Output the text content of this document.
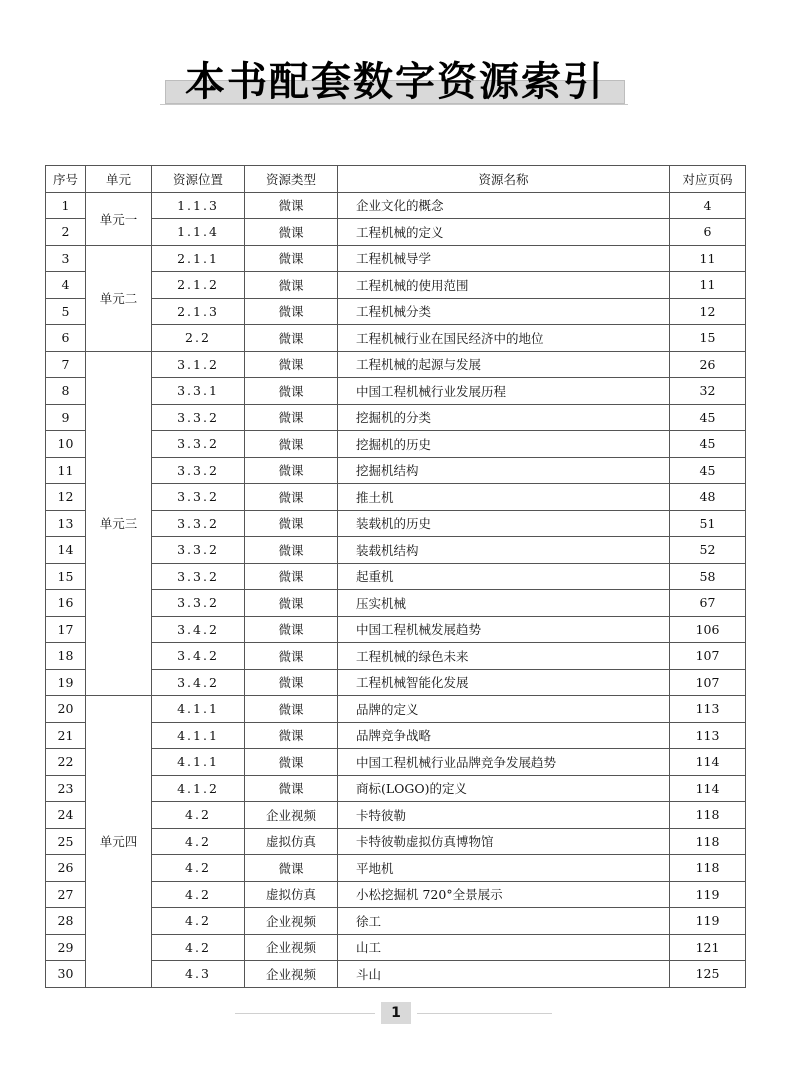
本书配套数字资源索引
序号	单元	资源位置	资源类型	资源名称	对应页码
1	单元一	1.1.3	微课	企业文化的概念	4
2		1.1.4	微课	工程机械的定义	6
3	单元二	2.1.1	微课	工程机械导学	11
4		2.1.2	微课	工程机械的使用范围	11
5		2.1.3	微课	工程机械分类	12
6		2.2	微课	工程机械行业在国民经济中的地位	15
7	单元三	3.1.2	微课	工程机械的起源与发展	26
8		3.3.1	微课	中国工程机械行业发展历程	32
9		3.3.2	微课	挖掘机的分类	45
10		3.3.2	微课	挖掘机的历史	45
11		3.3.2	微课	挖掘机结构	45
12		3.3.2	微课	推土机	48
13		3.3.2	微课	装载机的历史	51
14		3.3.2	微课	装载机结构	52
15		3.3.2	微课	起重机	58
16		3.3.2	微课	压实机械	67
17		3.4.2	微课	中国工程机械发展趋势	106
18		3.4.2	微课	工程机械的绿色未来	107
19		3.4.2	微课	工程机械智能化发展	107
20	单元四	4.1.1	微课	品牌的定义	113
21		4.1.1	微课	品牌竞争战略	113
22		4.1.1	微课	中国工程机械行业品牌竞争发展趋势	114
23		4.1.2	微课	商标(LOGO)的定义	114
24		4.2	企业视频	卡特彼勒	118
25		4.2	虚拟仿真	卡特彼勒虚拟仿真博物馆	118
26		4.2	微课	平地机	118
27		4.2	虚拟仿真	小松挖掘机 720°全景展示	119
28		4.2	企业视频	徐工	119
29		4.2	企业视频	山工	121
30		4.3	企业视频	斗山	125
1
